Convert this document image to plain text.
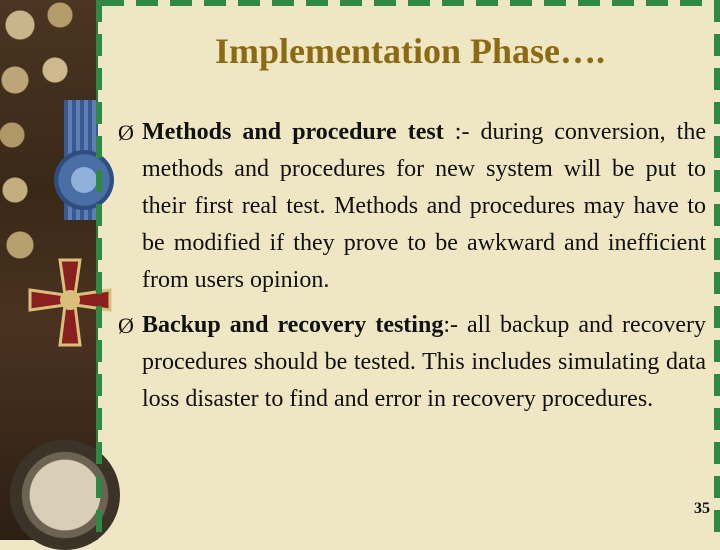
Implementation Phase….
Ø Methods and procedure test :- during conversion, the methods and procedures for new system will be put to their first real test. Methods and procedures may have to be modified if they prove to be awkward and inefficient from users opinion.
Ø Backup and recovery testing:- all backup and recovery procedures should be tested. This includes simulating data loss disaster to find and error in recovery procedures.
35
